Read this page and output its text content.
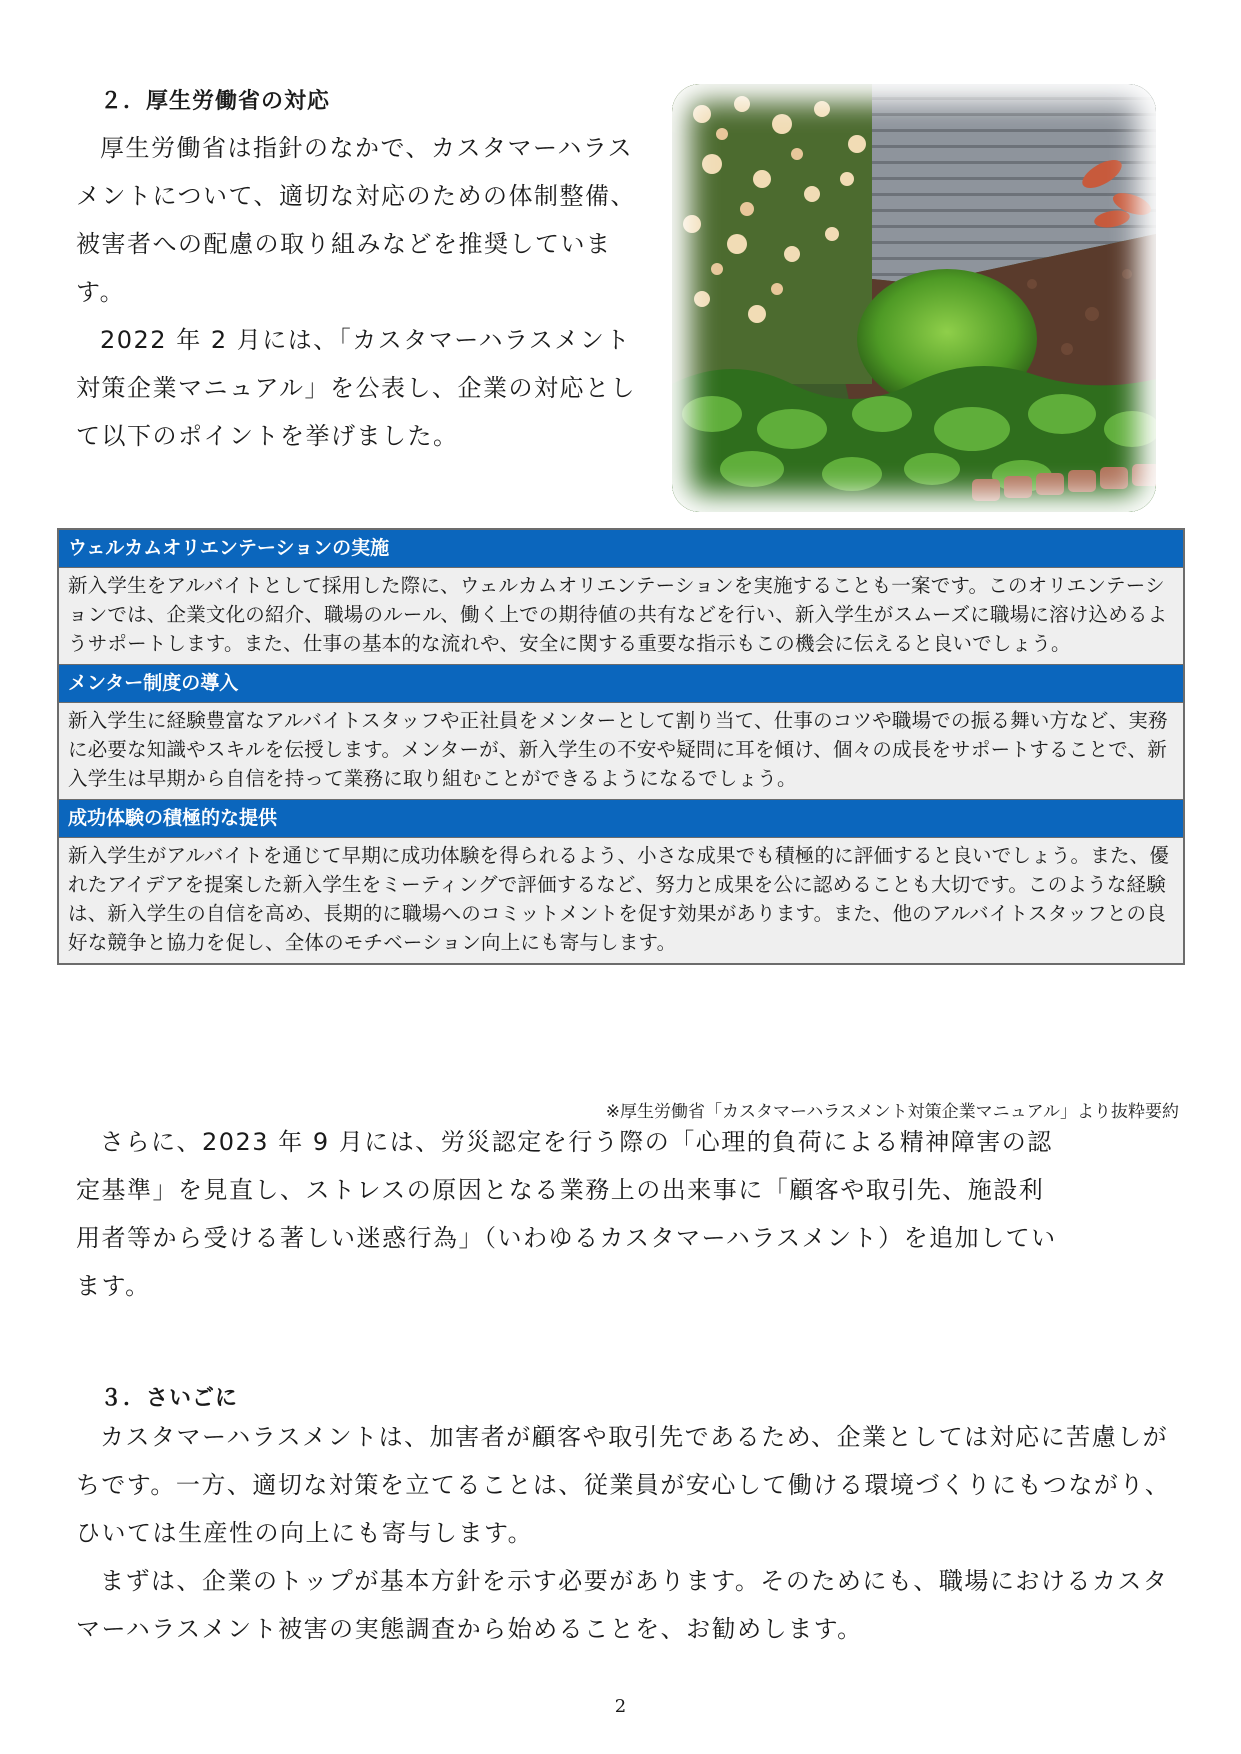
２．厚生労働省の対応

厚生労働省は指針のなかで、カスタマーハラスメントについて、適切な対応のための体制整備、被害者への配慮の取り組みなどを推奨しています。

2022 年 2 月には、「カスタマーハラスメント対策企業マニュアル」を公表し、企業の対応として以下のポイントを挙げました。

ウェルカムオリエンテーションの実施
新入学生をアルバイトとして採用した際に、ウェルカムオリエンテーションを実施することも一案です。このオリエンテーションでは、企業文化の紹介、職場のルール、働く上での期待値の共有などを行い、新入学生がスムーズに職場に溶け込めるようサポートします。また、仕事の基本的な流れや、安全に関する重要な指示もこの機会に伝えると良いでしょう。
メンター制度の導入
新入学生に経験豊富なアルバイトスタッフや正社員をメンターとして割り当て、仕事のコツや職場での振る舞い方など、実務に必要な知識やスキルを伝授します。メンターが、新入学生の不安や疑問に耳を傾け、個々の成長をサポートすることで、新入学生は早期から自信を持って業務に取り組むことができるようになるでしょう。
成功体験の積極的な提供
新入学生がアルバイトを通じて早期に成功体験を得られるよう、小さな成果でも積極的に評価すると良いでしょう。また、優れたアイデアを提案した新入学生をミーティングで評価するなど、努力と成果を公に認めることも大切です。このような経験は、新入学生の自信を高め、長期的に職場へのコミットメントを促す効果があります。また、他のアルバイトスタッフとの良好な競争と協力を促し、全体のモチベーション向上にも寄与します。
※厚生労働省「カスタマーハラスメント対策企業マニュアル」より抜粋要約

さらに、2023 年 9 月には、労災認定を行う際の「心理的負荷による精神障害の認定基準」を見直し、ストレスの原因となる業務上の出来事に「顧客や取引先、施設利用者等から受ける著しい迷惑行為」（いわゆるカスタマーハラスメント）を追加しています。

３．さいごに

カスタマーハラスメントは、加害者が顧客や取引先であるため、企業としては対応に苦慮しがちです。一方、適切な対策を立てることは、従業員が安心して働ける環境づくりにもつながり、ひいては生産性の向上にも寄与します。

まずは、企業のトップが基本方針を示す必要があります。そのためにも、職場におけるカスタマーハラスメント被害の実態調査から始めることを、お勧めします。

2
